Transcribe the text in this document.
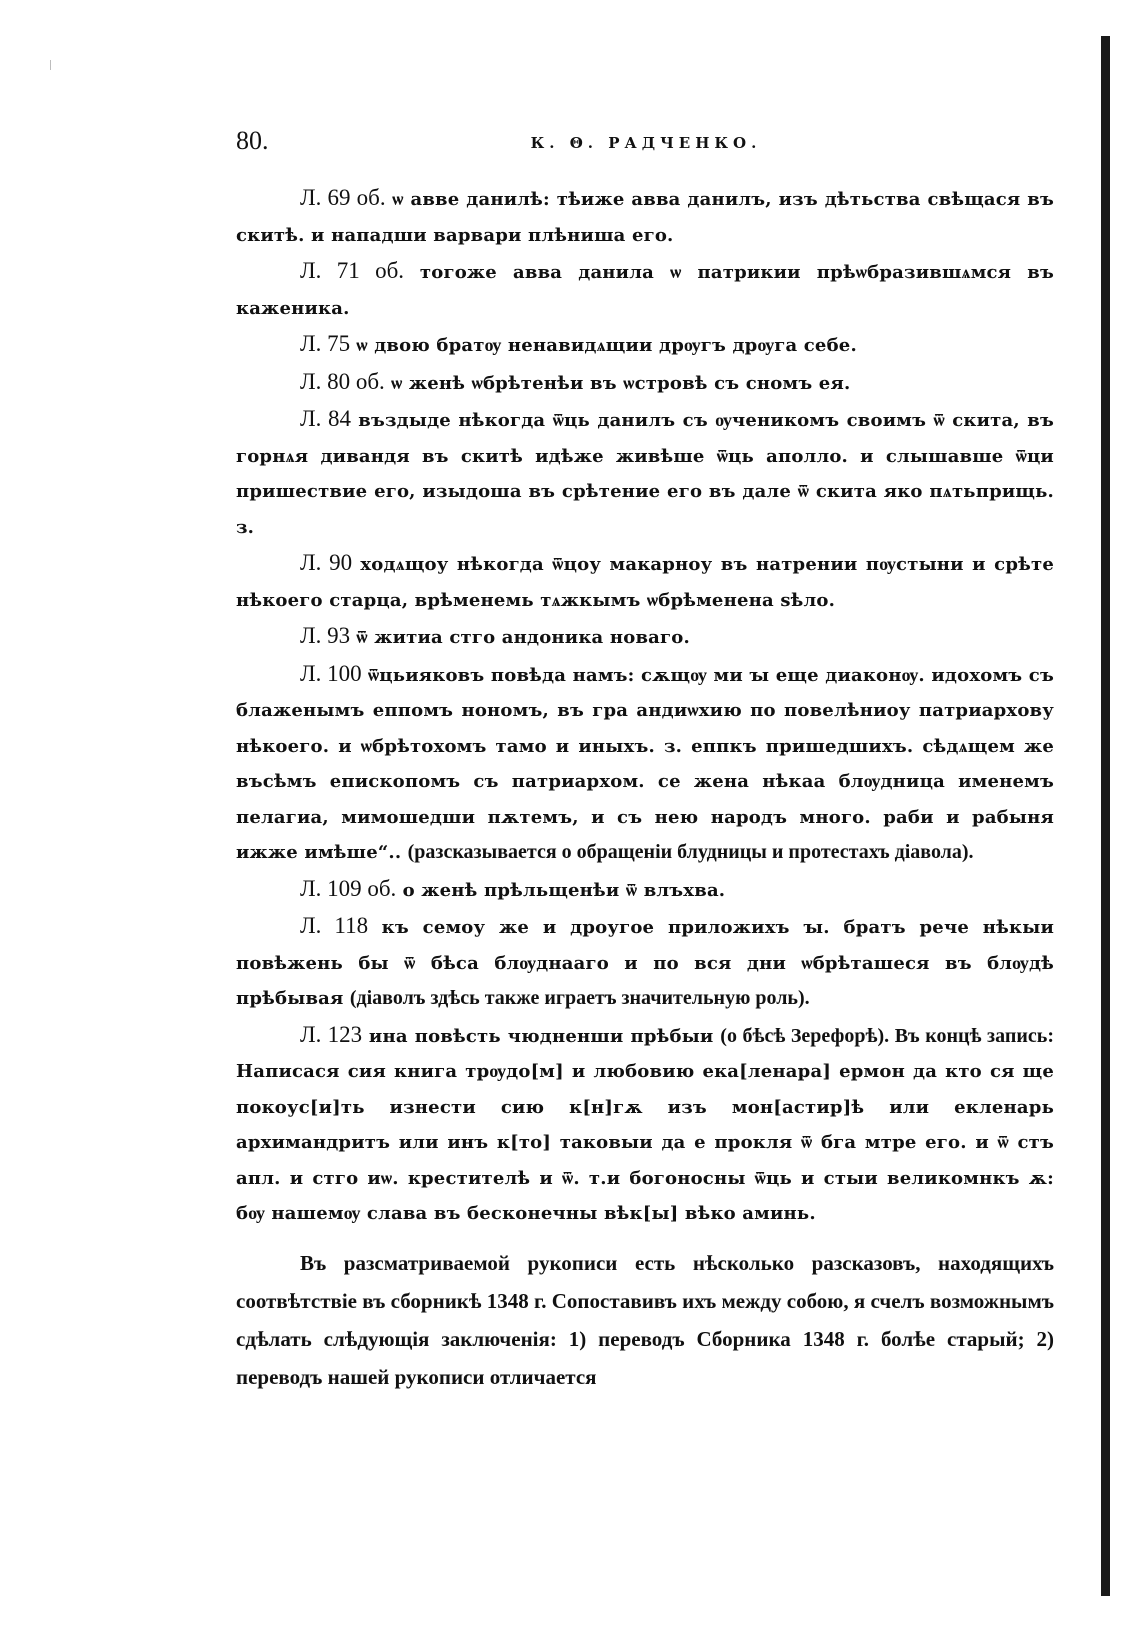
80.	К. Θ. РАДЧЕНКО.

Л. 69 об. ѡ авве данилѣ: тѣиже авва данилъ, изъ дѣтьства свѣщася въ скитѣ. и нападши варвари плѣниша его.

Л. 71 об. тогоже авва данила ѡ патрикии прѣѡбразившѧмся въ каженика.

Л. 75 ѡ двою братѹ ненавидѧщии дрѹгъ дрѹга себе.

Л. 80 об. ѡ женѣ ѡбрѣтенѣи въ ѡстровѣ съ сномъ ея.

Л. 84 въздыде нѣкогда ѿць данилъ съ ѹченикомъ своимъ ѿ скита, въ горнѧя дивандя въ скитѣ идѣже живѣше ѿць аполло. и слышавше ѿци пришествие его, изыдоша въ срѣтение его въ дале ѿ скита яко пѧтьприщь. з.

Л. 90 ходѧщоу нѣкогда ѿцоу макарноу въ натрении пѹстыни и срѣте нѣкоего старца, врѣменемь тѧжкымъ ѡбрѣменена ѕѣло.

Л. 93 ѿ житиа стго андоника новаго.

Л. 100 ѿцьияковъ повѣда намъ: сѫщѹ ми ꙑ еще диаконѹ. идохомъ съ блаженымъ еппомъ нономъ, въ гра андиѡхию по повелѣниоу патриархову нѣкоего. и ѡбрѣтохомъ тамо и иныхъ. з. еппкъ пришедшихъ. сѣдѧщем же въсѣмъ епископомъ съ патриархом. се жена нѣкаа блѹдница именемъ пелагиа, мимошедши пѫтемъ, и съ нею народъ много. раби и рабыня ижже имѣше“.. (разсказывается о обращенiи блудницы и протестахъ дiавола).

Л. 109 об. о женѣ прѣльщенѣи ѿ влъхва.

Л. 118 къ семоу же и дроугое приложихъ ꙑ. братъ рече нѣкыи повѣжень бы ѿ бѣса блѹднааго и по вся дни ѡбрѣташеся въ блѹдѣ прѣбывая (дiаволъ здѣсь также играетъ значительную роль).

Л. 123 ина повѣсть чюдненши прѣбыи (о бѣсѣ Зерефорѣ). Въ концѣ запись: Написася сия книга трѹдо[м] и любовию ека[ленара] ермон да кто ся ще покоус[и]ть изнести сию к[н]гѫ изъ мон[астир]ѣ или екленарь архимандритъ или инъ к[то] таковыи да е прокля ѿ бга мтре его. и ѿ стъ апл. и стго иѡ. крестителѣ и ѿ. т.и богоносны ѿць и стыи великомнкъ ѫ: бѹ нашемѹ слава въ бесконечны вѣк[ы] вѣко аминь.

Въ разсматриваемой рукописи есть нѣсколько разсказовъ, находящихъ соотвѣтствiе въ сборникѣ 1348 г. Сопоставивъ ихъ между собою, я счелъ возможнымъ сдѣлать слѣдующiя заключенiя: 1) переводъ Сборника 1348 г. болѣе старый; 2) переводъ нашей рукописи отличается
